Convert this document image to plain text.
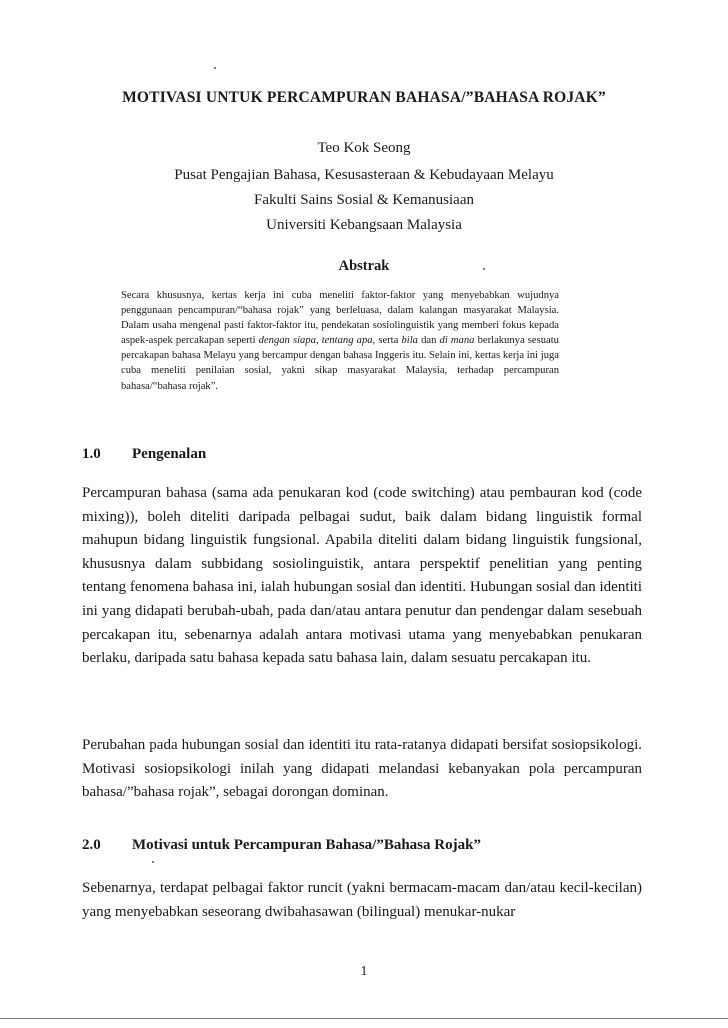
MOTIVASI UNTUK PERCAMPURAN BAHASA/”BAHASA ROJAK”
Teo Kok Seong
Pusat Pengajian Bahasa, Kesusasteraan & Kebudayaan Melayu
Fakulti Sains Sosial & Kemanusiaan
Universiti Kebangsaan Malaysia
Abstrak
Secara khususnya, kertas kerja ini cuba meneliti faktor-faktor yang menyebabkan wujudnya penggunaan pencampuran/“bahasa rojak” yang berleluasa, dalam kalangan masyarakat Malaysia. Dalam usaha mengenal pasti faktor-faktor itu, pendekatan sosiolinguistik yang memberi fokus kepada aspek-aspek percakapan seperti dengan siapa, tentang apa, serta bila dan di mana berlakunya sesuatu percakapan bahasa Melayu yang bercampur dengan bahasa Inggeris itu. Selain ini, kertas kerja ini juga cuba meneliti penilaian sosial, yakni sikap masyarakat Malaysia, terhadap percampuran bahasa/“bahasa rojak”.
1.0 Pengenalan
Percampuran bahasa (sama ada penukaran kod (code switching) atau pembauran kod (code mixing)), boleh diteliti daripada pelbagai sudut, baik dalam bidang linguistik formal mahupun bidang linguistik fungsional. Apabila diteliti dalam bidang linguistik fungsional, khususnya dalam subbidang sosiolinguistik, antara perspektif penelitian yang penting tentang fenomena bahasa ini, ialah hubungan sosial dan identiti. Hubungan sosial dan identiti ini yang didapati berubah-ubah, pada dan/atau antara penutur dan pendengar dalam sesebuah percakapan itu, sebenarnya adalah antara motivasi utama yang menyebabkan penukaran berlaku, daripada satu bahasa kepada satu bahasa lain, dalam sesuatu percakapan itu.
Perubahan pada hubungan sosial dan identiti itu rata-ratanya didapati bersifat sosiopsikologi. Motivasi sosiopsikologi inilah yang didapati melandasi kebanyakan pola percampuran bahasa/”bahasa rojak”, sebagai dorongan dominan.
2.0 Motivasi untuk Percampuran Bahasa/”Bahasa Rojak”
Sebenarnya, terdapat pelbagai faktor runcit (yakni bermacam-macam dan/atau kecil-kecilan) yang menyebabkan seseorang dwibahasawan (bilingual) menukar-nukar
1
